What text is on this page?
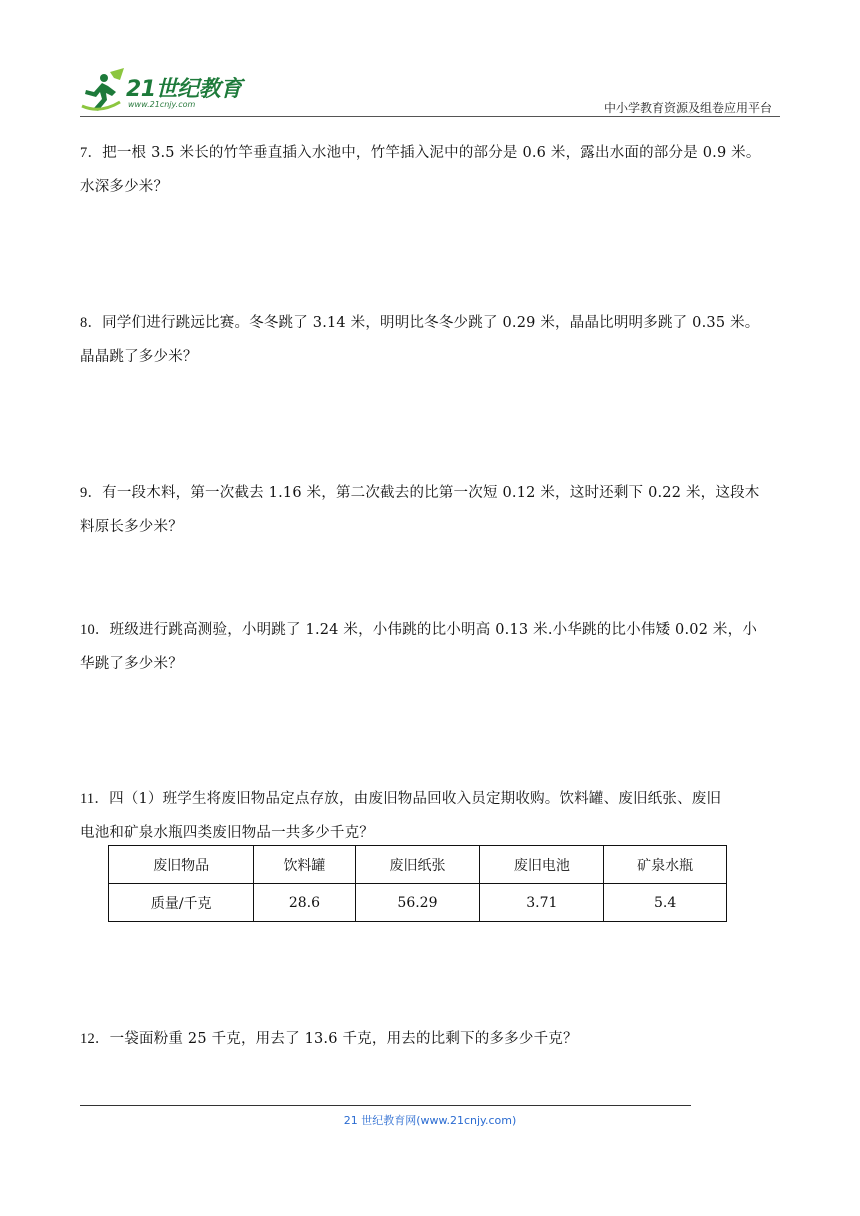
21世纪教育
www.21cnjy.com	中小学教育资源及组卷应用平台
7．把一根 3.5 米长的竹竿垂直插入水池中，竹竿插入泥中的部分是 0.6 米，露出水面的部分是 0.9 米。
水深多少米？
8．同学们进行跳远比赛。冬冬跳了 3.14 米，明明比冬冬少跳了 0.29 米，晶晶比明明多跳了 0.35 米。
晶晶跳了多少米？
9．有一段木料，第一次截去 1.16 米，第二次截去的比第一次短 0.12 米，这时还剩下 0.22 米，这段木
料原长多少米？
10．班级进行跳高测验，小明跳了 1.24 米，小伟跳的比小明高 0.13 米.小华跳的比小伟矮 0.02 米，小
华跳了多少米？
11．四（1）班学生将废旧物品定点存放，由废旧物品回收入员定期收购。饮料罐、废旧纸张、废旧
电池和矿泉水瓶四类废旧物品一共多少千克？
废旧物品	饮料罐	废旧纸张	废旧电池	矿泉水瓶
质量/千克	28.6	56.29	3.71	5.4
12．一袋面粉重 25 千克，用去了 13.6 千克，用去的比剩下的多多少千克？
21 世纪教育网(www.21cnjy.com)
